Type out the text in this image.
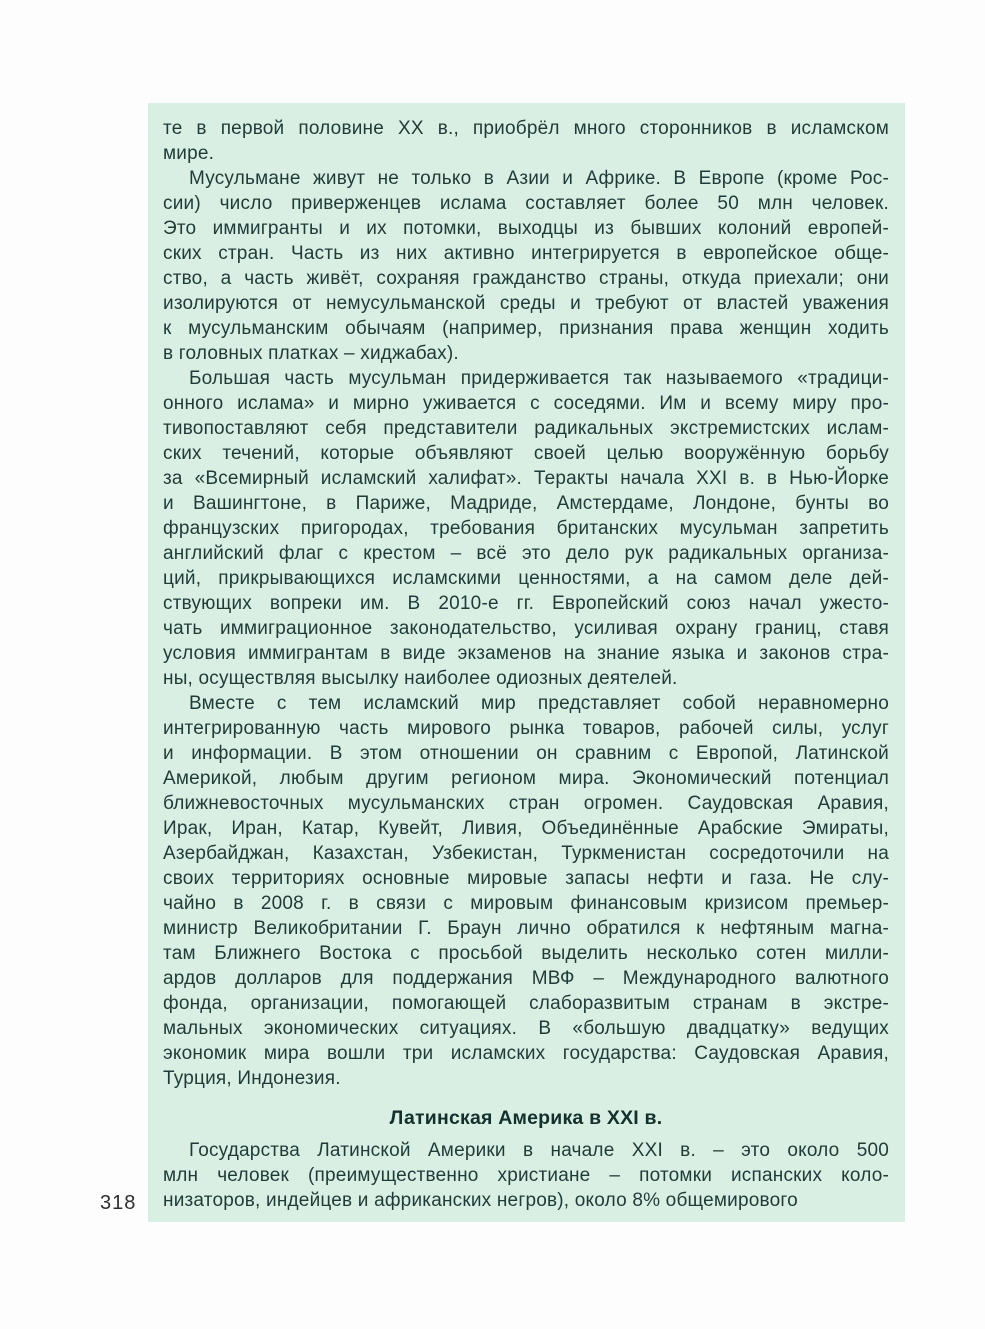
318
те в первой половине XX в., приобрёл много сторонников в исламском
мире.
Мусульмане живут не только в Азии и Африке. В Европе (кроме Рос-
сии) число приверженцев ислама составляет более 50 млн человек.
Это иммигранты и их потомки, выходцы из бывших колоний европей-
ских стран. Часть из них активно интегрируется в европейское обще-
ство, а часть живёт, сохраняя гражданство страны, откуда приехали; они
изолируются от немусульманской среды и требуют от властей уважения
к мусульманским обычаям (например, признания права женщин ходить
в головных платках – хиджабах).
Большая часть мусульман придерживается так называемого «традици-
онного ислама» и мирно уживается с соседями. Им и всему миру про-
тивопоставляют себя представители радикальных экстремистских ислам-
ских течений, которые объявляют своей целью вооружённую борьбу
за «Всемирный исламский халифат». Теракты начала XXI в. в Нью-Йорке
и Вашингтоне, в Париже, Мадриде, Амстердаме, Лондоне, бунты во
французских пригородах, требования британских мусульман запретить
английский флаг с крестом – всё это дело рук радикальных организа-
ций, прикрывающихся исламскими ценностями, а на самом деле дей-
ствующих вопреки им. В 2010-е гг. Европейский союз начал ужесто-
чать иммиграционное законодательство, усиливая охрану границ, ставя
условия иммигрантам в виде экзаменов на знание языка и законов стра-
ны, осуществляя высылку наиболее одиозных деятелей.
Вместе с тем исламский мир представляет собой неравномерно
интегрированную часть мирового рынка товаров, рабочей силы, услуг
и информации. В этом отношении он сравним с Европой, Латинской
Америкой, любым другим регионом мира. Экономический потенциал
ближневосточных мусульманских стран огромен. Саудовская Аравия,
Ирак, Иран, Катар, Кувейт, Ливия, Объединённые Арабские Эмираты,
Азербайджан, Казахстан, Узбекистан, Туркменистан сосредоточили на
своих территориях основные мировые запасы нефти и газа. Не слу-
чайно в 2008 г. в связи с мировым финансовым кризисом премьер-
министр Великобритании Г. Браун лично обратился к нефтяным магна-
там Ближнего Востока с просьбой выделить несколько сотен милли-
ардов долларов для поддержания МВФ – Международного валютного
фонда, организации, помогающей слаборазвитым странам в экстре-
мальных экономических ситуациях. В «большую двадцатку» ведущих
экономик мира вошли три исламских государства: Саудовская Аравия,
Турция, Индонезия.
Латинская Америка в XXI в.
Государства Латинской Америки в начале XXI в. – это около 500
млн человек (преимущественно христиане – потомки испанских коло-
низаторов, индейцев и африканских негров), около 8% общемирового
